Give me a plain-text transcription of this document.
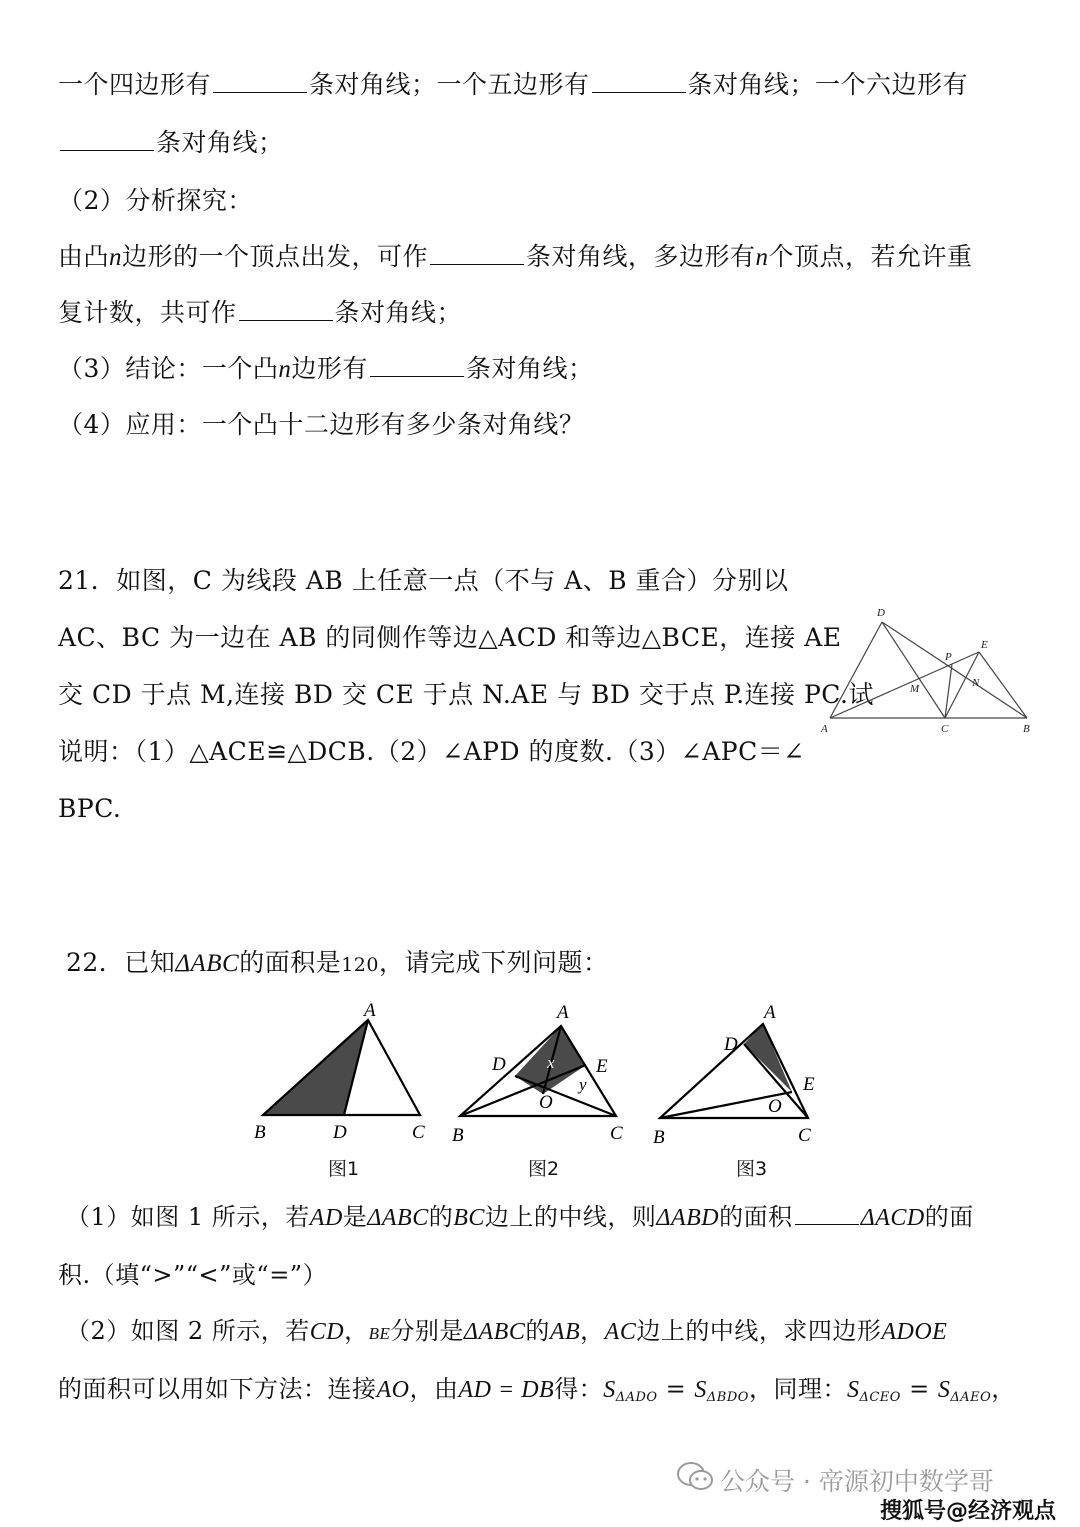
一个四边形有	条对角线；一个五边形有	条对角线；一个六边形有
条对角线；
（2）分析探究：
由凸n边形的一个顶点出发，可作	条对角线，多边形有n个顶点，若允许重
复计数，共可作	条对角线；
（3）结论：一个凸n边形有	条对角线；
（4）应用：一个凸十二边形有多少条对角线？
21．如图，C 为线段 AB 上任意一点（不与 A、B 重合）分别以
AC、BC 为一边在 AB 的同侧作等边△ACD 和等边△BCE，连接 AE
交 CD 于点 M,连接 BD 交 CE 于点 N.AE 与 BD 交于点 P.连接 PC.试
说明：（1）△ACE≌△DCB.（2）∠APD 的度数.（3）∠APC＝∠
BPC.
D
E
P
M	N
A	C	B
22．已知ΔABC的面积是120，请完成下列问题：
A
B	D	C
A
D	E
x
y
O
B	C
A
D
E
O
B	C
图1	图2	图3
（1）如图 1 所示，若AD是ΔABC的BC边上的中线，则ΔABD的面积	ΔACD的面
积.（填“>”“<”或“=”）
（2）如图 2 所示，若CD，BE分别是ΔABC的AB，AC边上的中线，求四边形ADOE
的面积可以用如下方法：连接AO，由AD = DB得：$S_{\Delta ADO} = S_{\Delta BDO}$，同理：$S_{\Delta CEO} = S_{\Delta AEO}$，
公众号 · 帝源初中数学哥
搜狐号@经济观点
